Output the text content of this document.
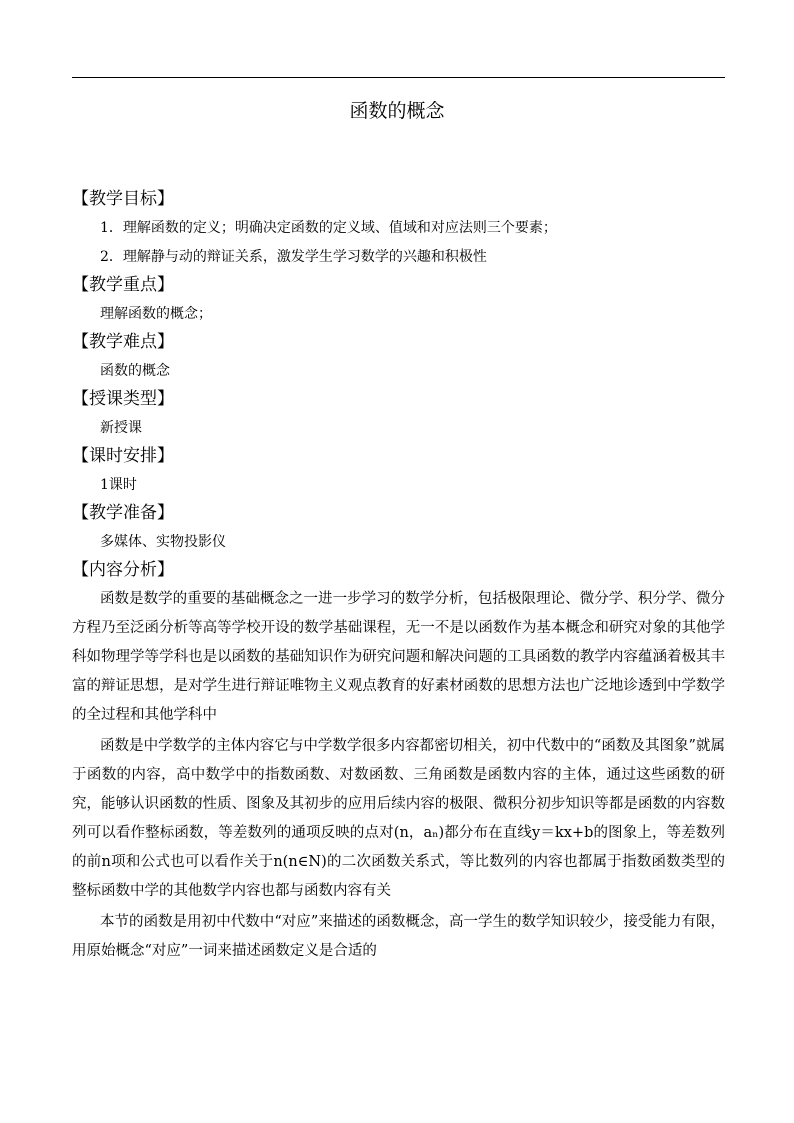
函数的概念
【教学目标】
1．理解函数的定义；明确决定函数的定义域、值域和对应法则三个要素；
2．理解静与动的辩证关系，激发学生学习数学的兴趣和积极性
【教学重点】
理解函数的概念；
【教学难点】
函数的概念
【授课类型】
新授课
【课时安排】
1课时
【教学准备】
多媒体、实物投影仪
【内容分析】
函数是数学的重要的基础概念之一进一步学习的数学分析，包括极限理论、微分学、积分学、微分方程乃至泛函分析等高等学校开设的数学基础课程，无一不是以函数作为基本概念和研究对象的其他学科如物理学等学科也是以函数的基础知识作为研究问题和解决问题的工具函数的教学内容蕴涵着极其丰富的辩证思想，是对学生进行辩证唯物主义观点教育的好素材函数的思想方法也广泛地诊透到中学数学的全过程和其他学科中
函数是中学数学的主体内容它与中学数学很多内容都密切相关，初中代数中的“函数及其图象”就属于函数的内容，高中数学中的指数函数、对数函数、三角函数是函数内容的主体，通过这些函数的研究，能够认识函数的性质、图象及其初步的应用后续内容的极限、微积分初步知识等都是函数的内容数列可以看作整标函数，等差数列的通项反映的点对(n，aₙ)都分布在直线y＝kx+b的图象上，等差数列的前n项和公式也可以看作关于n(n∈N)的二次函数关系式，等比数列的内容也都属于指数函数类型的整标函数中学的其他数学内容也都与函数内容有关
本节的函数是用初中代数中“对应”来描述的函数概念，高一学生的数学知识较少，接受能力有限，用原始概念“对应”一词来描述函数定义是合适的
